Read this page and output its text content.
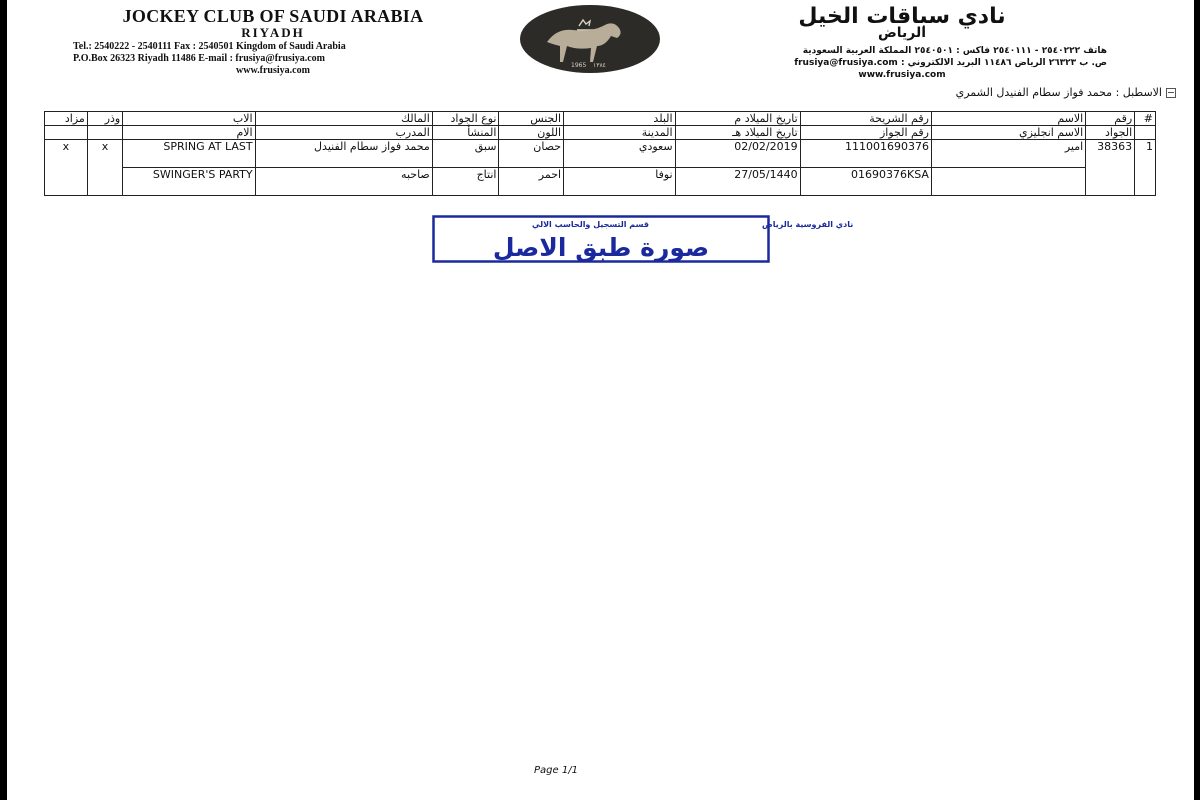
JOCKEY CLUB OF SAUDI ARABIA
RIYADH
Tel.: 2540222 - 2540111 Fax : 2540501 Kingdom of Saudi Arabia
P.O.Box 26323 Riyadh 11486 E-mail : frusiya@frusiya.com
www.frusiya.com	1965 ١٣٨٤
نادي سباقات الخيل
الرياض
هاتف ٢٥٤٠٢٢٢ - ٢٥٤٠١١١ فاكس : ٢٥٤٠٥٠١ المملكة العربية السعودية
ص. ب ٢٦٣٢٣ الرياض ١١٤٨٦ البريد الالكتروني : frusiya@frusiya.com
www.frusiya.com
الاسطبل : محمد فواز سطام الفنيدل الشمري
#	رقم	الاسم	رقم الشريحة	تاريخ الميلاد م	البلد	الجنس	نوع الجواد	المالك	الاب	وذر	مزاد
	الجواد	الاسم انجليزي	رقم الجواز	تاريخ الميلاد هـ	المدينة	اللون	المنشأ	المدرب	الام		
1	38363	امير	111001690376	02/02/2019	سعودي	حصان	سبق	محمد فواز سطام الفنيدل	SPRING AT LAST	x	x
			01690376KSA	27/05/1440	نوفا	احمر	انتاج	صاحبه	SWINGER'S PARTY		
نادي الفروسية بالرياض
قسم التسجيل والحاسب الالي
صورة طبق الاصل
Page 1/1
